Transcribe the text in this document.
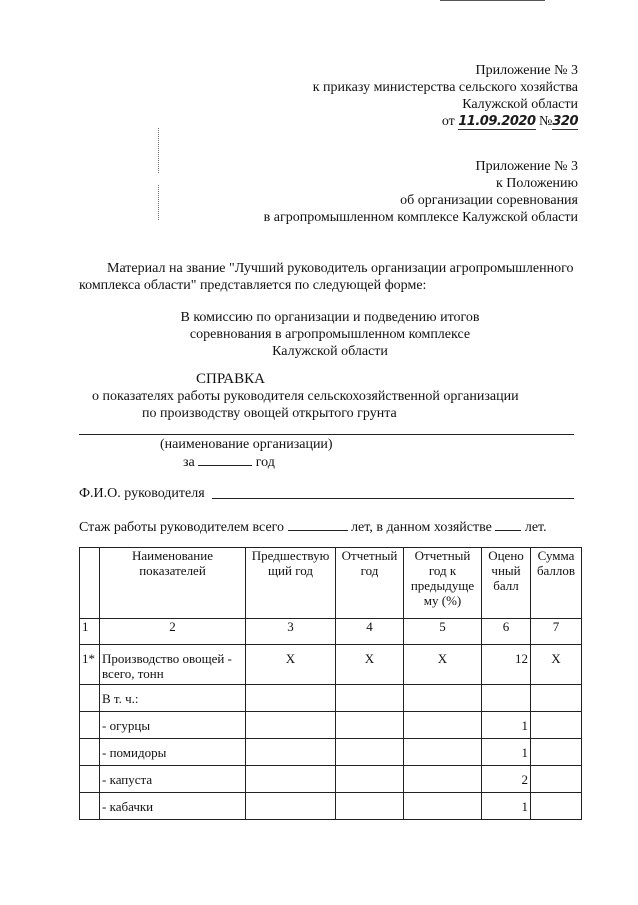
Приложение № 3
к приказу министерства сельского хозяйства
Калужской области
от 11.09.2020 №320
Приложение № 3
к Положению
об организации соревнования
в агропромышленном комплексе Калужской области
Материал на звание "Лучший руководитель организации агропромышленного
комплекса области" представляется по следующей форме:
В комиссию по организации и подведению итогов
соревнования в агропромышленном комплексе
Калужской области
СПРАВКА
о показателях работы руководителя сельскохозяйственной организации
по производству овощей открытого грунта
(наименование организации)
за	год
Ф.И.О. руководителя
Стаж работы руководителем всего	лет, в данном хозяйстве лет.
	Наименование показателей	Предшествую щий год	Отчетный год	Отчетный год к предыдуще му (%)	Оцено чный балл	Сумма баллов
1	2	3	4	5	6	7
1*	Производство овощей - всего, тонн	Х	Х	Х	12	Х
	В т. ч.:					
	- огурцы				1	
	- помидоры				1	
	- капуста				2	
	- кабачки				1	
